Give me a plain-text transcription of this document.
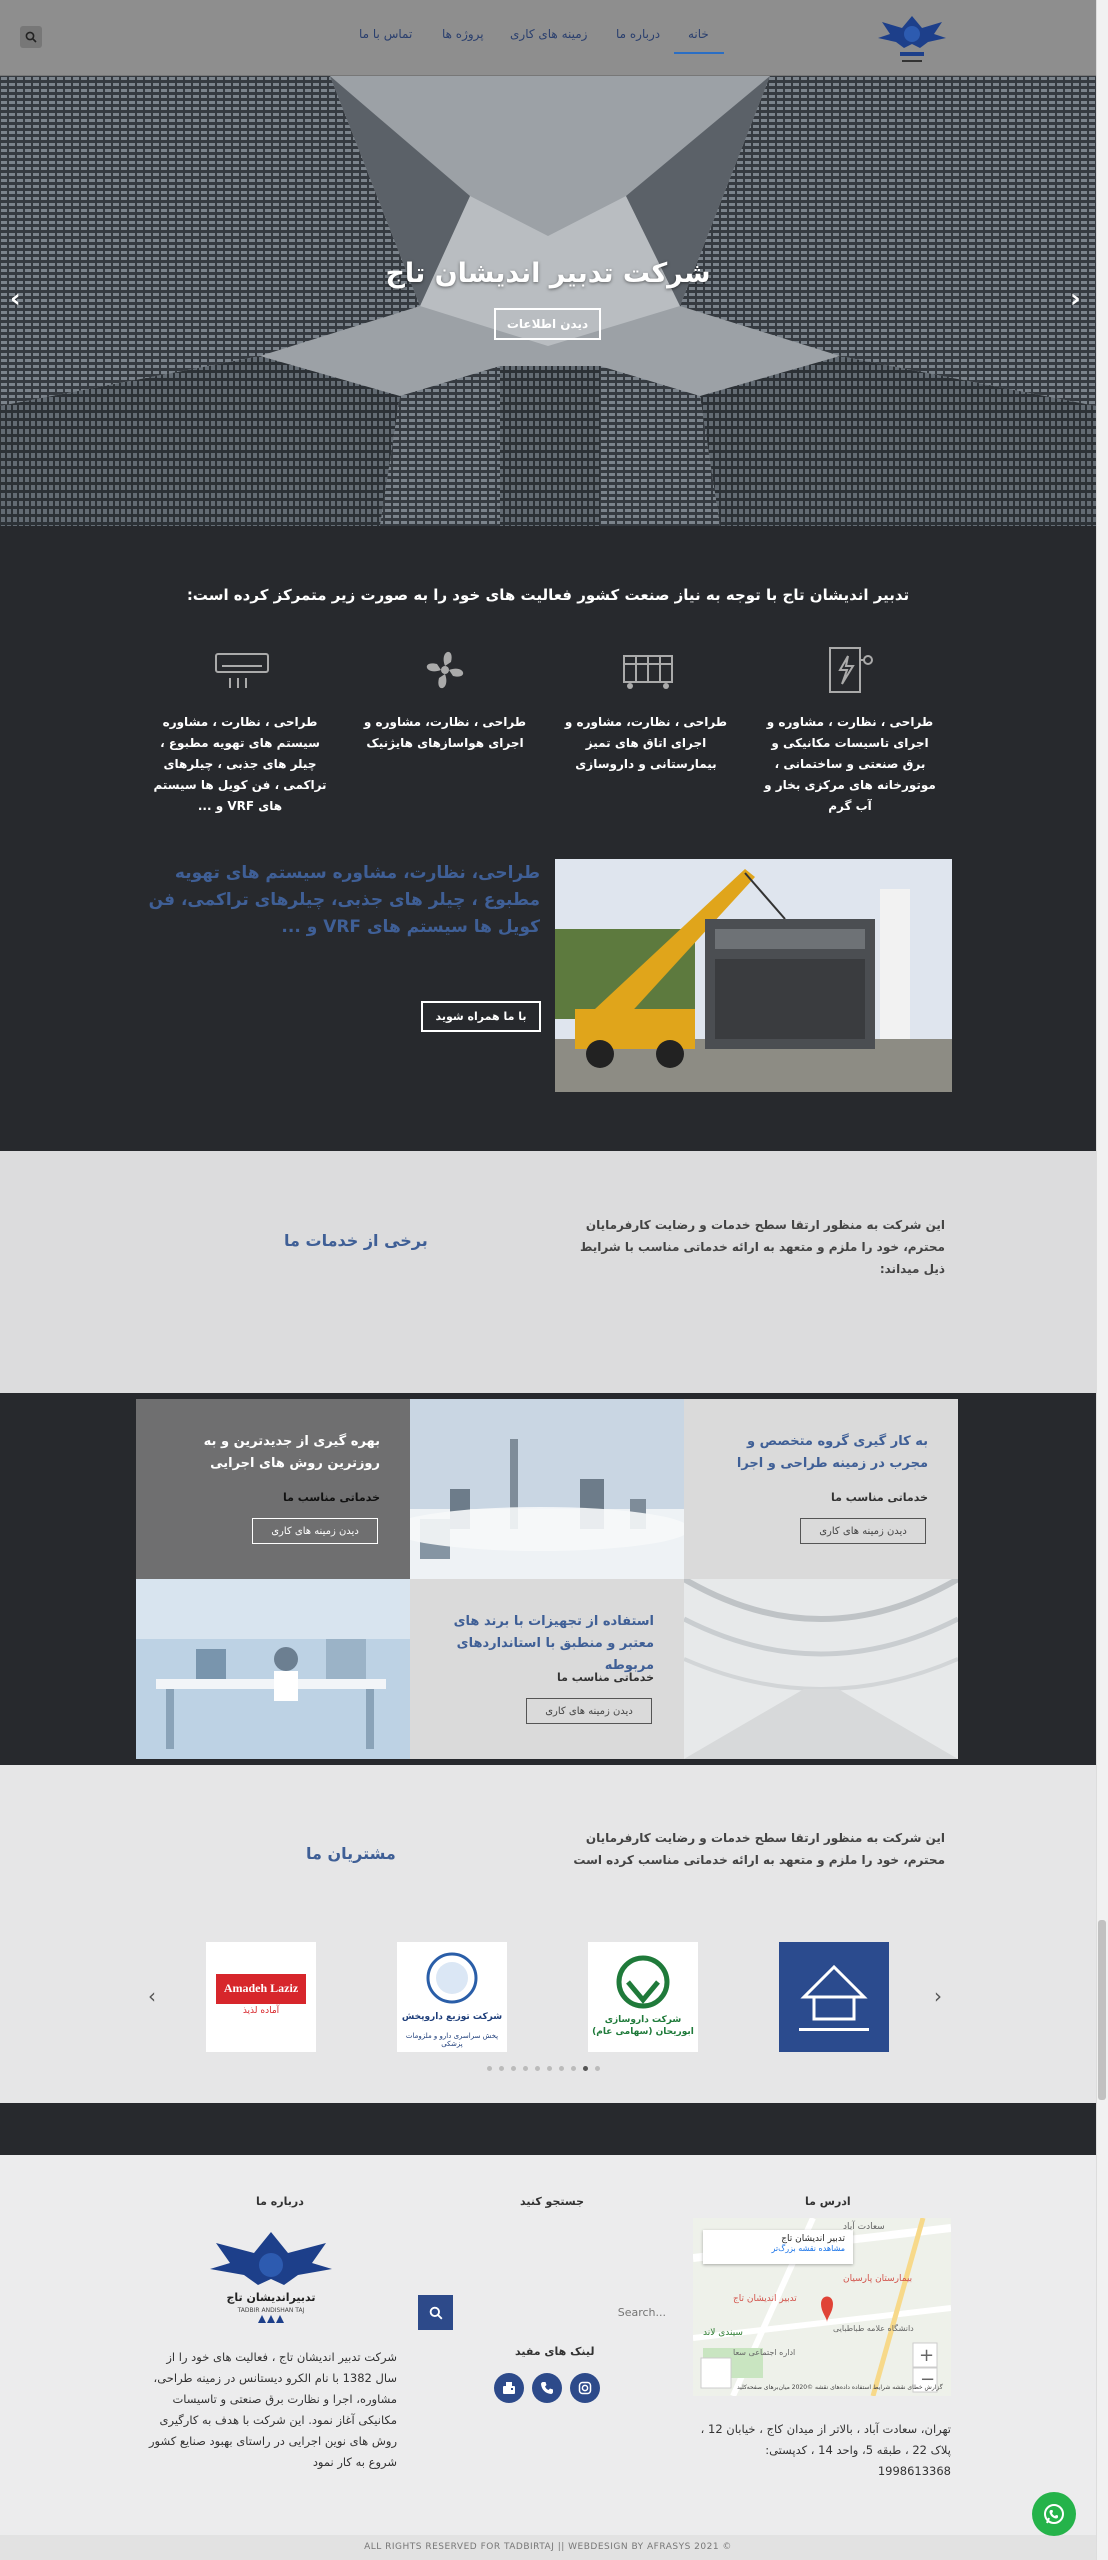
خانه
درباره ما
زمینه های کاری
پروژه ها
تماس با ما
شرکت تدبیر اندیشان تاج
دیدن اطلاعات
‹	›
تدبیر اندیشان تاج با توجه به نیاز صنعت کشور فعالیت های خود را به صورت زیر متمرکز کرده است:
طراحی ، نظارت ، مشاوره و اجرای تاسیسات مکانیکی و برق صنعتی و ساختمانی ، موتورخانه های مرکزی بخار و آب گرم
طراحی ، نظارت، مشاوره و اجرای اتاق های تمیز بیمارستانی و داروسازی
طراحی ، نظارت، مشاوره و اجرای هواسازهای هایژنیک
طراحی ، نظارت ، مشاوره سیستم های تهویه مطبوع ، چیلر های جذبی ، چیلرهای تراکمی ، فن کویل ها سیستم های VRF و ...
طراحی، نظارت، مشاوره سیستم های تهویه مطبوع ، چیلر های جذبی، چیلرهای تراکمی، فن کویل ها سیستم های VRF و ...
با ما همراه شوید
این شرکت به منظور ارتقا سطح خدمات و رضایت کارفرمایان محترم، خود را ملزم و متعهد به ارائه خدماتی مناسب با شرایط ذیل میداند:
برخی از خدمات ما
به کار گیری گروه متخصص و مجرب در زمینه طراحی و اجرا
خدماتی مناسب ما
دیدن زمینه های کاری
بهره گیری از جدیدترین و به روزترین روش های اجرایی
خدماتی مناسب ما
دیدن زمینه های کاری
استفاده از تجهیزات با برند های معتبر و منطبق با استانداردهای مربوطه
خدماتی مناسب ما
دیدن زمینه های کاری
این شرکت به منظور ارتقا سطح خدمات و رضایت کارفرمایان محترم، خود را ملزم و متعهد به ارائه خدماتی مناسب کرده است
مشتریان ما
شرکت داروسازی ابوریحان (سهامی عام)
شرکت توزیع داروپخش
پخش سراسری دارو و ملزومات پزشکی
Amadeh Laziz
آماده لذیذ
›
‹
ادرس ما
+
−
تدبیر اندیشان تاج
مشاهده نقشه بزرگ‌تر
سعادت آباد
بیمارستان پارسیان
تدبیر اندیشان تاج
سیندی لاند	دانشگاه علامه طباطبایی
اداره اجتماعی سعا
گزارش خطای نقشه شرایط استفاده داده‌های نقشه ©2020 میان‌برهای صفحه‌کلید
تهران، سعادت آباد ، بالاتر از میدان کاج ، خیابان 12 ، پلاک 22 ، طبقه 5، واحد 14 ، کدپستی: 1998613368
جستجو کنید
Search...
لینک های مفید
درباره ما
تدبیراندیشان تاج
TADBIR ANDISHAN TAJ
شرکت تدبیر اندیشان تاج ، فعالیت های خود را از سال 1382 با نام الکرو دیستانس در زمینه طراحی، مشاوره، اجرا و نظارت برق صنعتی و تاسیسات مکانیکی آغاز نمود. این شرکت با هدف به کارگیری روش های نوین اجرایی در راستای بهبود صنایع کشور شروع به کار نمود
ALL RIGHTS RESERVED FOR TADBIRTAJ || WEBDESIGN BY AFRASYS 2021 ©
